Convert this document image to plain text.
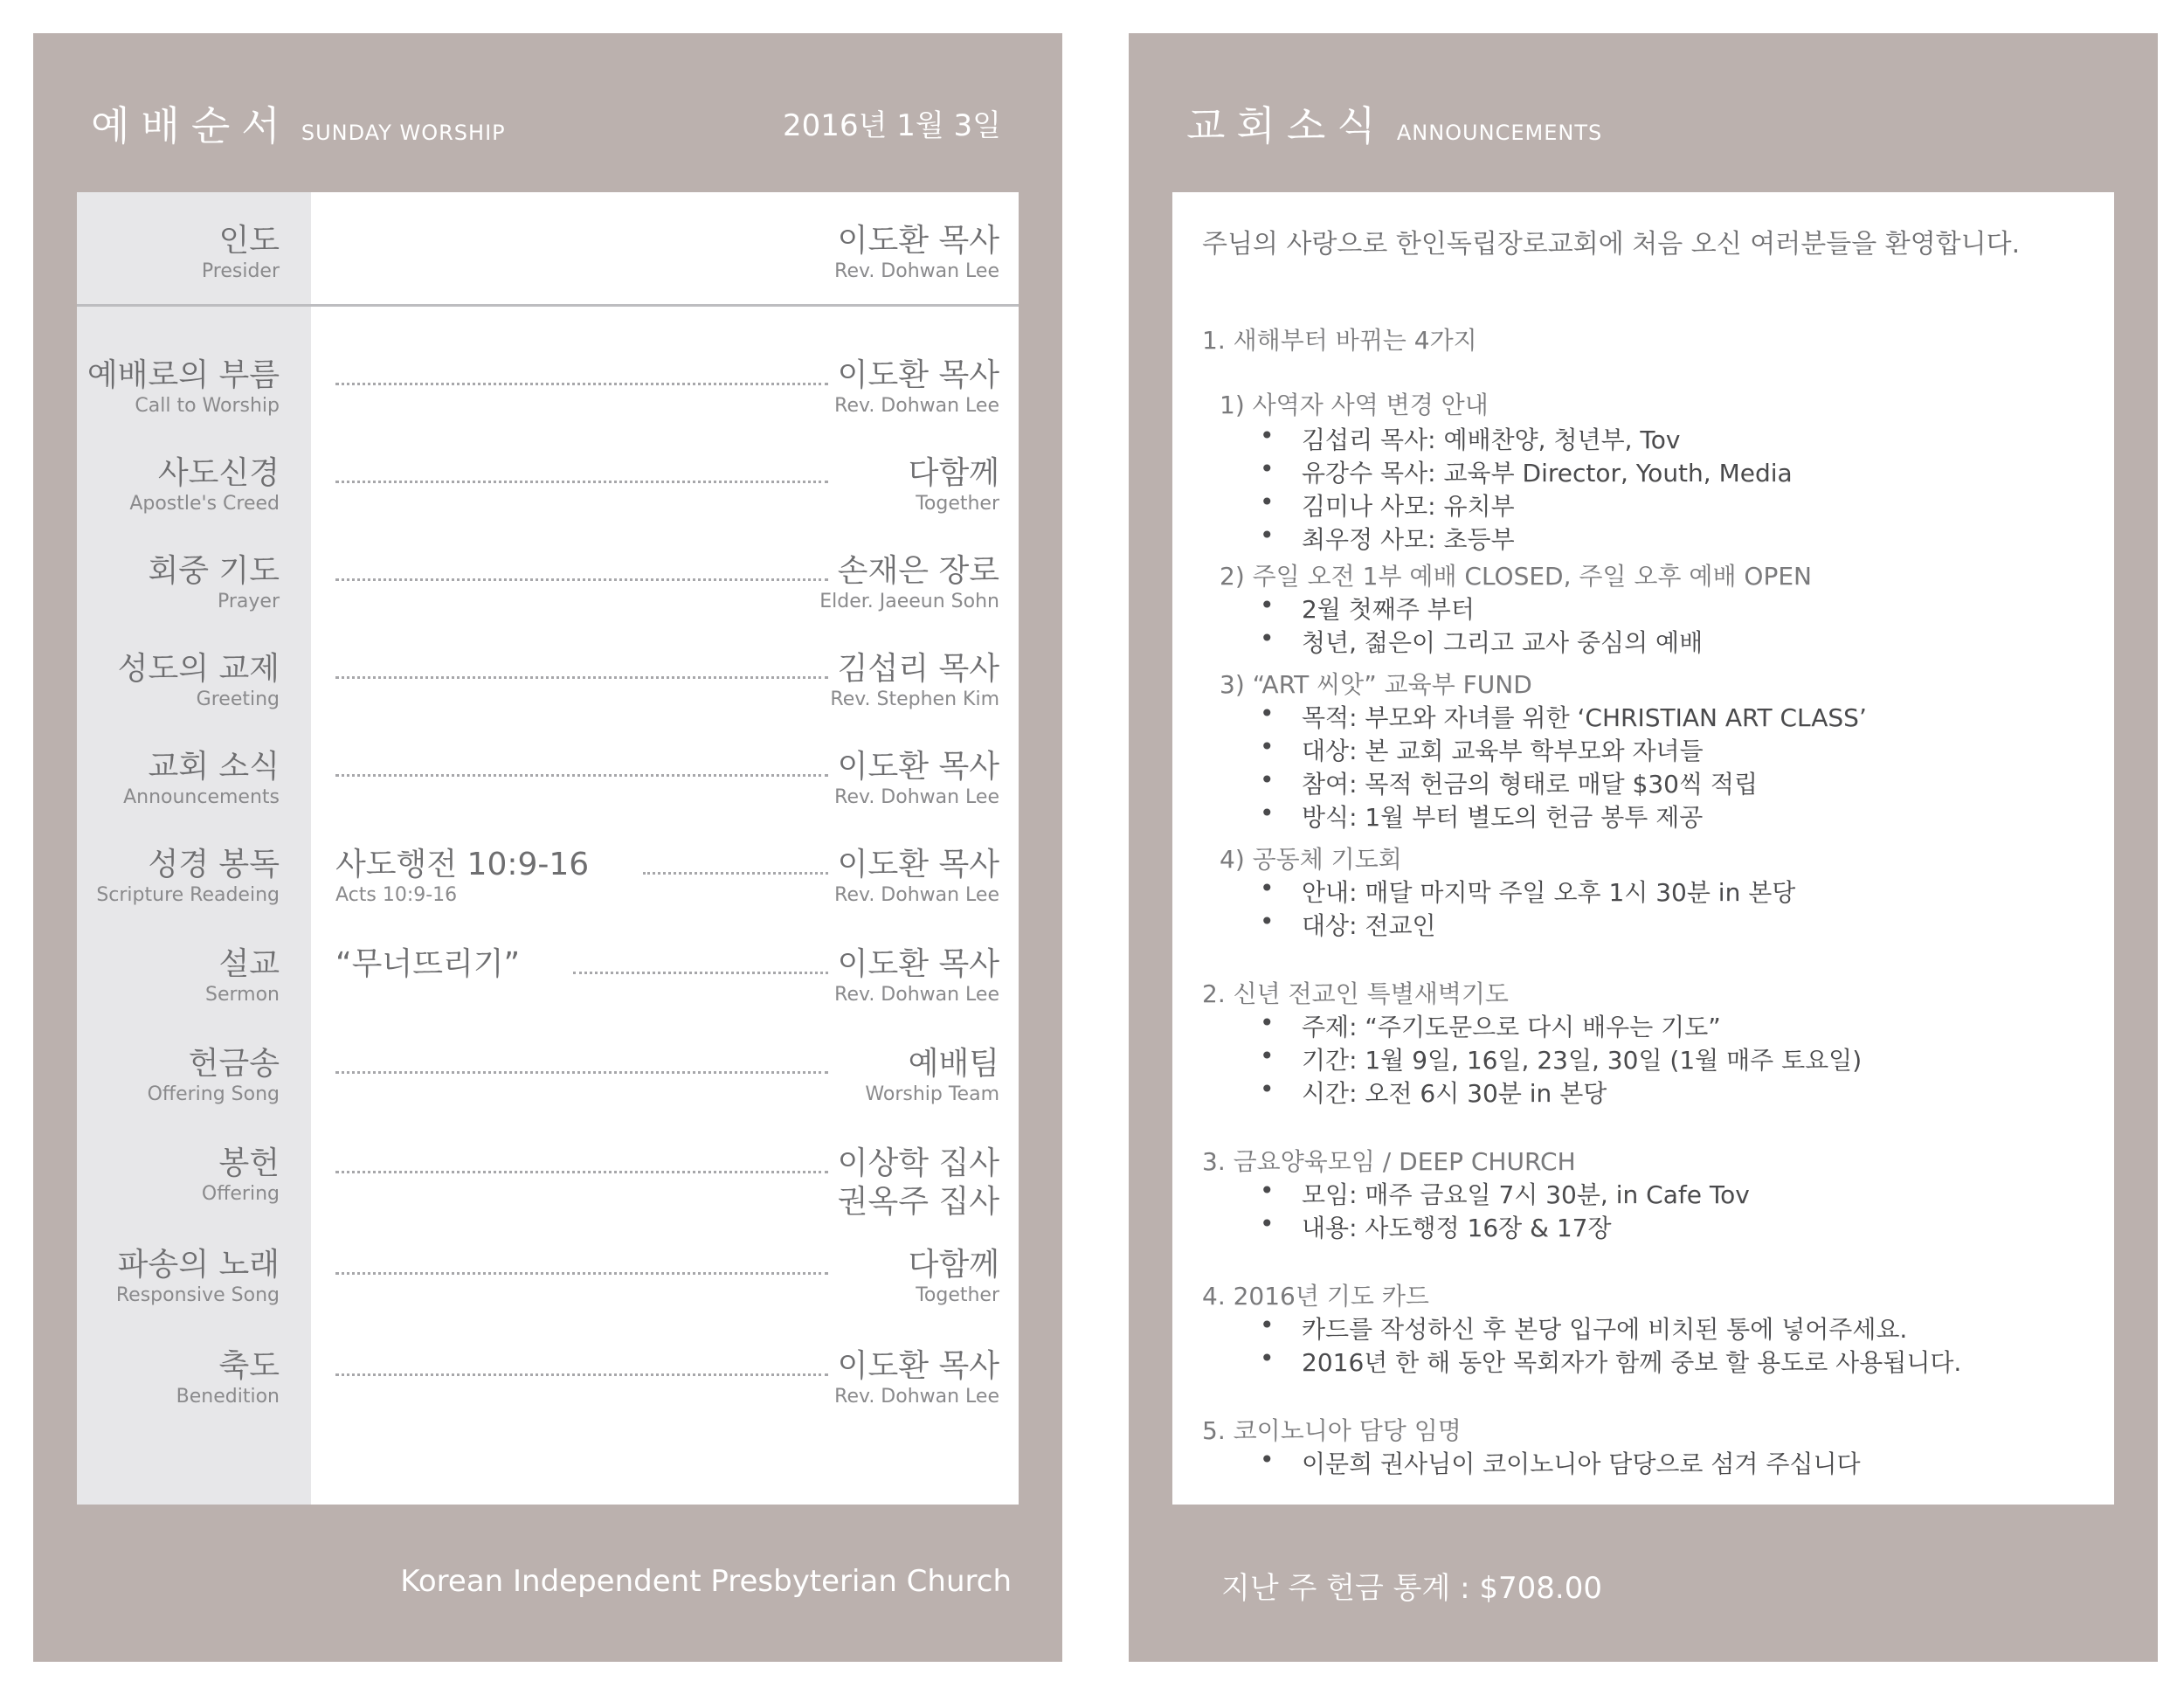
예배순서 SUNDAY WORSHIP	2016년 1월 3일
인도
Presider
이도환 목사
Rev. Dohwan Lee
예배로의 부름
Call to Worship
이도환 목사
Rev. Dohwan Lee
사도신경
Apostle's Creed
다함께
Together
회중 기도
Prayer
손재은 장로
Elder. Jaeeun Sohn
성도의 교제
Greeting
김섭리 목사
Rev. Stephen Kim
교회 소식
Announcements
이도환 목사
Rev. Dohwan Lee
성경 봉독
Scripture Readeing
사도행전 10:9-16
Acts 10:9-16
이도환 목사
Rev. Dohwan Lee
설교
Sermon
“무너뜨리기”	이도환 목사
Rev. Dohwan Lee
헌금송
Offering Song
예배팀
Worship Team
봉헌
Offering
이상학 집사
권옥주 집사
파송의 노래
Responsive Song
다함께
Together
축도
Benedition
이도환 목사
Rev. Dohwan Lee
Korean Independent Presbyterian Church
교회소식 ANNOUNCEMENTS
주님의 사랑으로 한인독립장로교회에 처음 오신 여러분들을 환영합니다.
1. 새해부터 바뀌는 4가지
1) 사역자 사역 변경 안내
• 김섭리 목사: 예배찬양, 청년부, Tov
• 유강수 목사: 교육부 Director, Youth, Media
• 김미나 사모: 유치부
• 최우정 사모: 초등부
2) 주일 오전 1부 예배 CLOSED, 주일 오후 예배 OPEN
• 2월 첫째주 부터
• 청년, 젊은이 그리고 교사 중심의 예배
3) “ART 씨앗” 교육부 FUND
• 목적: 부모와 자녀를 위한 ‘CHRISTIAN ART CLASS’
• 대상: 본 교회 교육부 학부모와 자녀들
• 참여: 목적 헌금의 형태로 매달 $30씩 적립
• 방식: 1월 부터 별도의 헌금 봉투 제공
4) 공동체 기도회
• 안내: 매달 마지막 주일 오후 1시 30분 in 본당
• 대상: 전교인
2. 신년 전교인 특별새벽기도
• 주제: “주기도문으로 다시 배우는 기도”
• 기간: 1월 9일, 16일, 23일, 30일 (1월 매주 토요일)
• 시간: 오전 6시 30분 in 본당
3. 금요양육모임 / DEEP CHURCH
• 모임: 매주 금요일 7시 30분, in Cafe Tov
• 내용: 사도행정 16장 & 17장
4. 2016년 기도 카드
• 카드를 작성하신 후 본당 입구에 비치된 통에 넣어주세요.
• 2016년 한 해 동안 목회자가 함께 중보 할 용도로 사용됩니다.
5. 코이노니아 담당 임명
• 이문희 권사님이 코이노니아 담당으로 섬겨 주십니다
지난 주 헌금 통계 : $708.00
